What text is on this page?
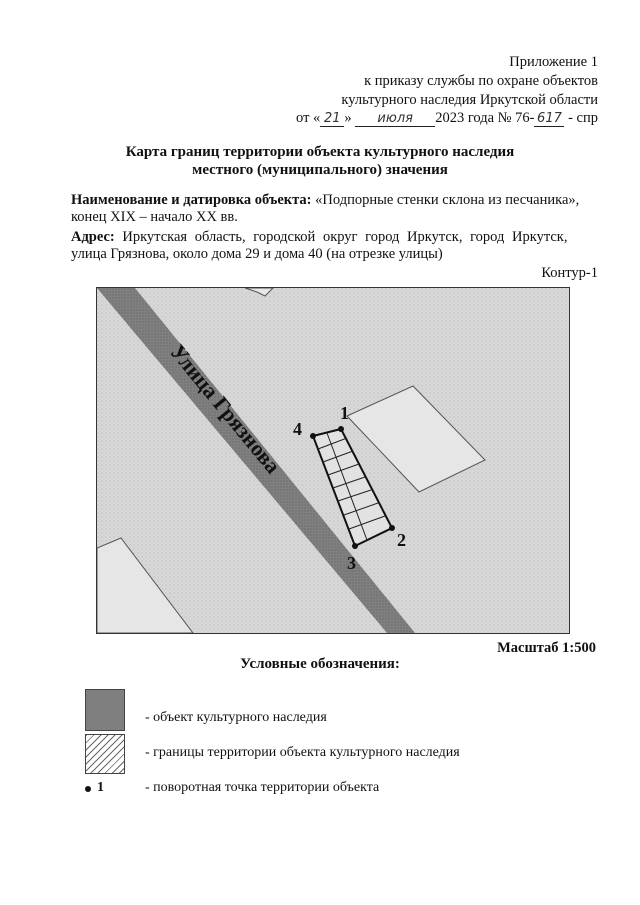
Приложение 1
к приказу службы по охране объектов
культурного наследия Иркутской области
от « 21 » июля 2023 года № 76- 617 - спр
Карта границ территории объекта культурного наследия
местного (муниципального) значения
Наименование и датировка объекта: «Подпорные стенки склона из песчаника»,
конец XIX – начало XX вв.
Адрес: Иркутская область, городской округ город Иркутск, город Иркутск,
улица Грязнова, около дома 29 и дома 40 (на отрезке улицы)
Контур-1
1
2
3
4
Улица Грязнова
Масштаб 1:500
Условные обозначения:
- объект культурного наследия
- границы территории объекта культурного наследия
1	- поворотная точка территории объекта
